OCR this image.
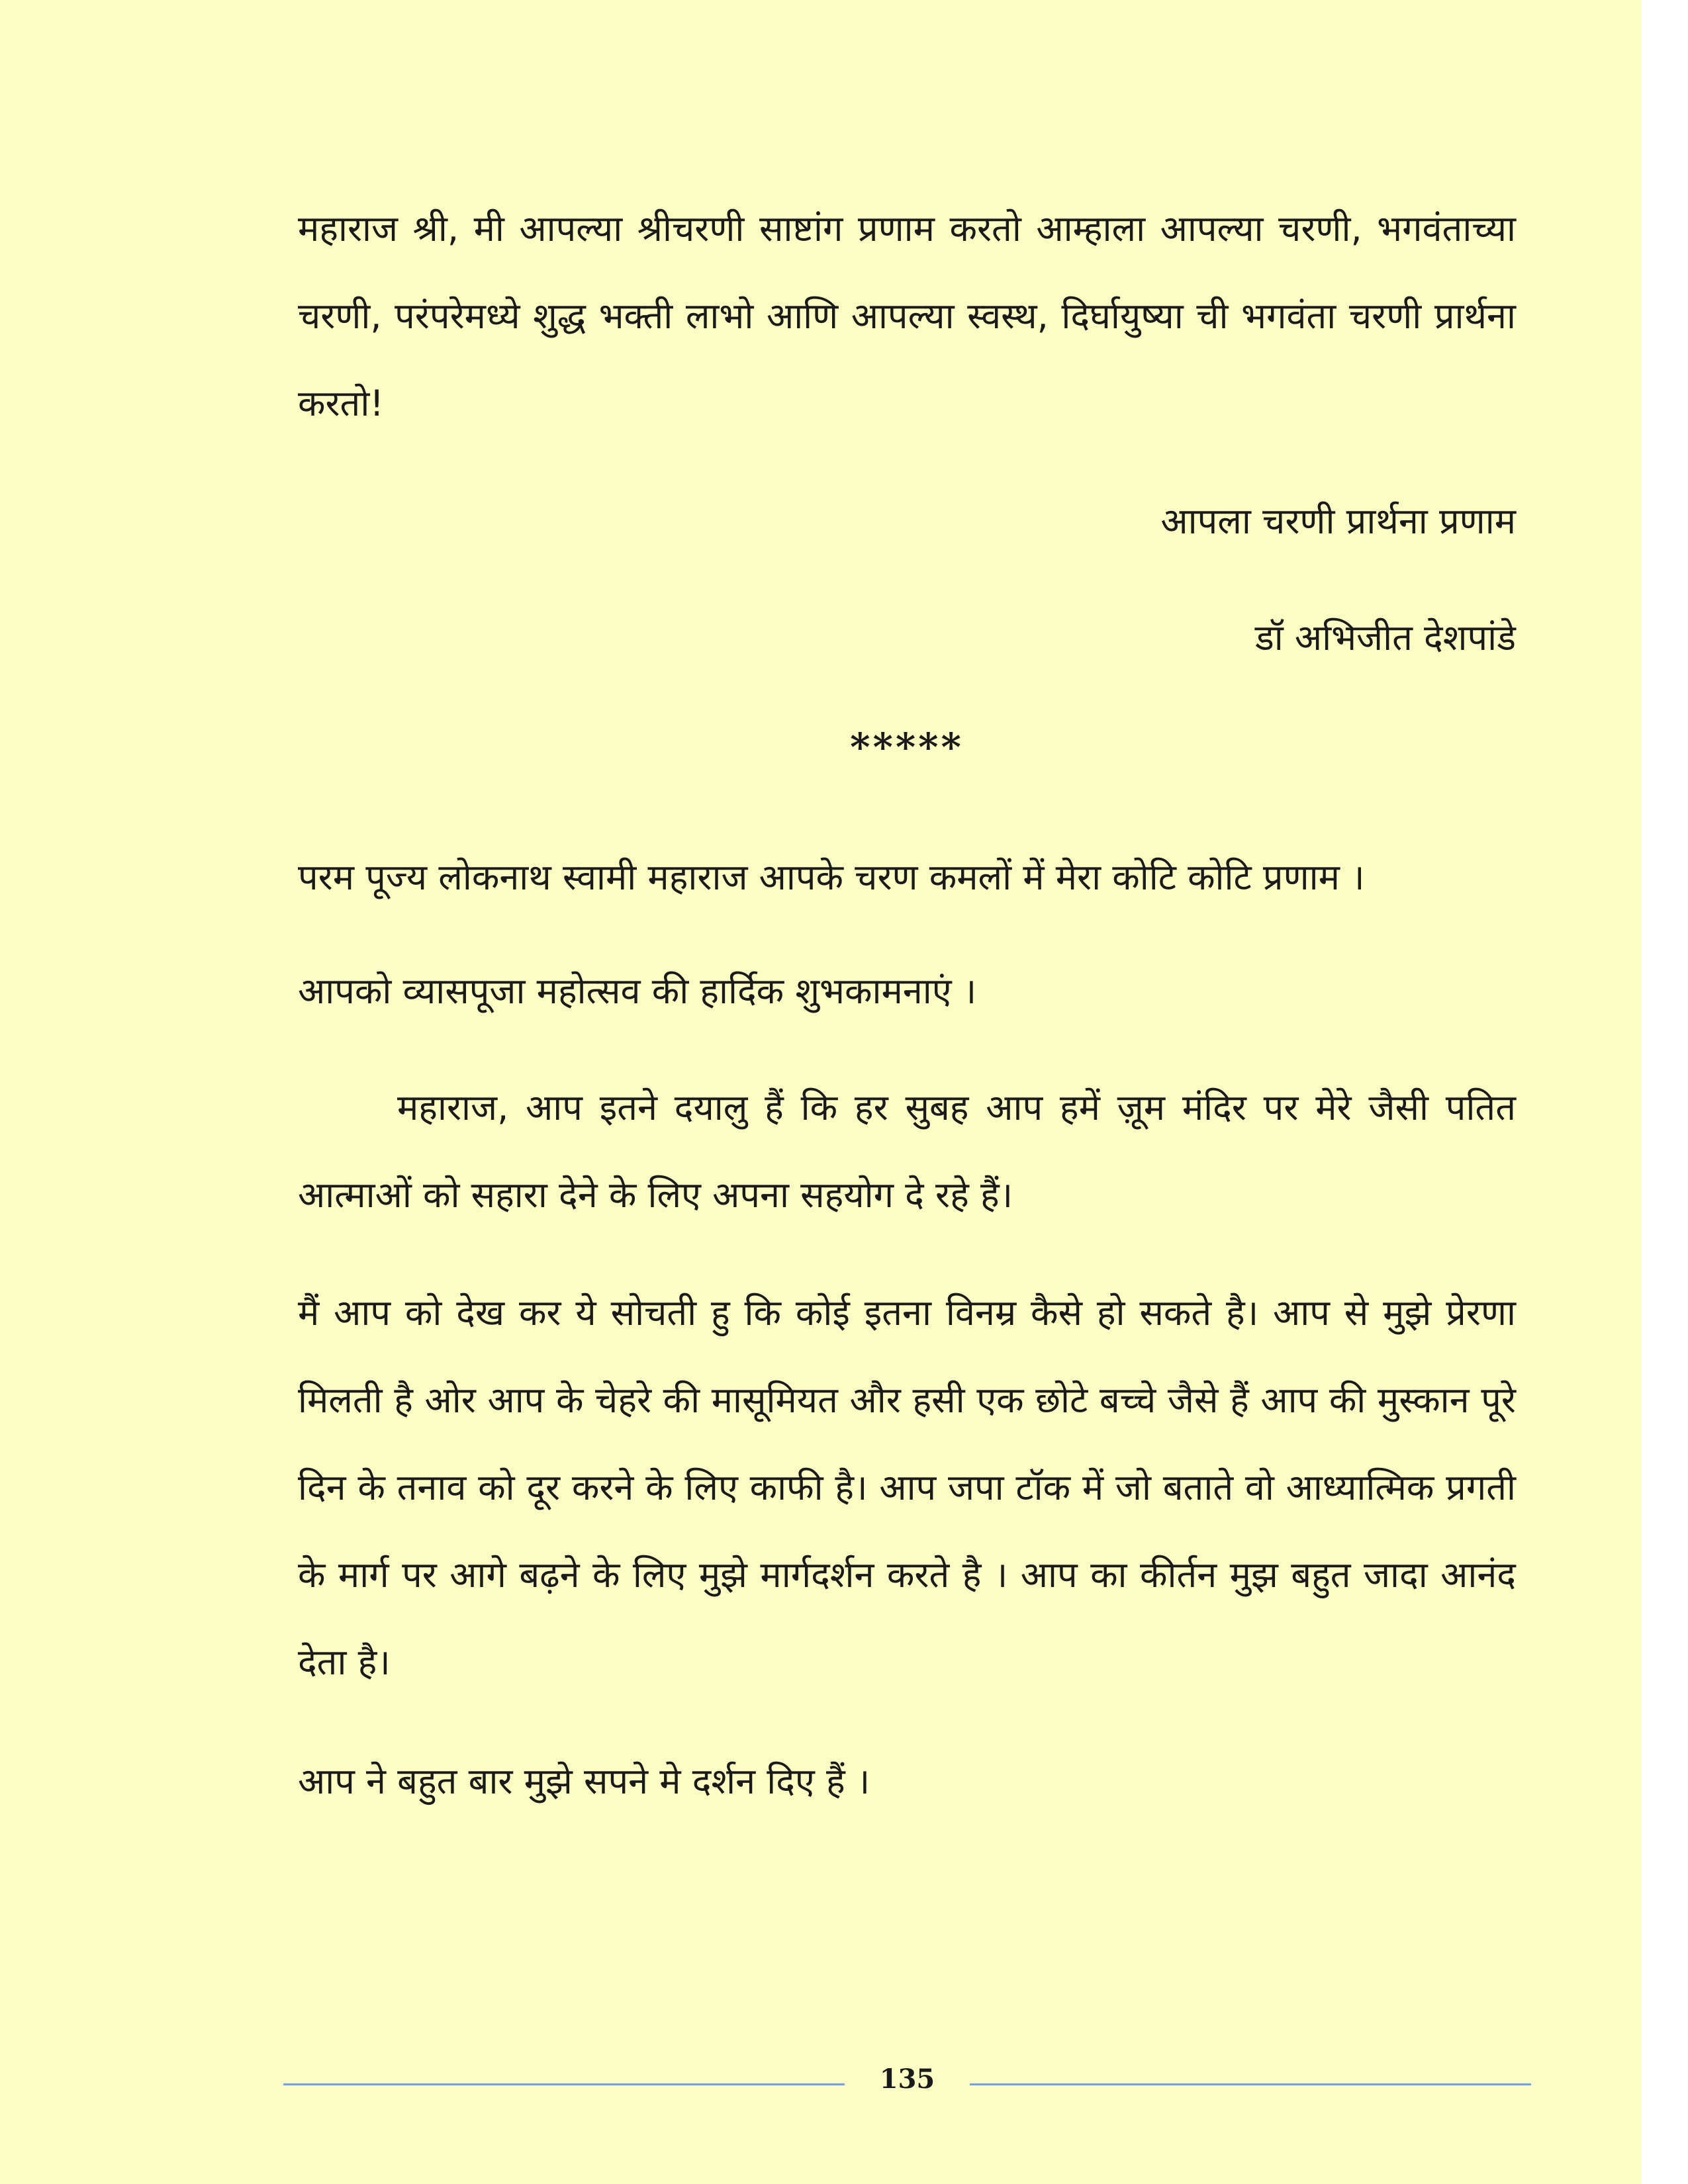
महाराज श्री, मी आपल्या श्रीचरणी साष्टांग प्रणाम करतो आम्हाला आपल्या चरणी, भगवंताच्या चरणी, परंपरेमध्ये शुद्ध भक्ती लाभो आणि आपल्या स्वस्थ, दिर्घायुष्या ची भगवंता चरणी प्रार्थना करतो!

आपला चरणी प्रार्थना प्रणाम

डॉ अभिजीत देशपांडे

*****

परम पूज्य लोकनाथ स्वामी महाराज आपके चरण कमलों में मेरा कोटि कोटि प्रणाम ।

आपको व्यासपूजा महोत्सव की हार्दिक शुभकामनाएं ।

महाराज, आप इतने दयालु हैं कि हर सुबह आप हमें ज़ूम मंदिर पर मेरे जैसी पतित आत्माओं को सहारा देने के लिए अपना सहयोग दे रहे हैं।

मैं आप को देख कर ये सोचती हु कि कोई इतना विनम्र कैसे हो सकते है। आप से मुझे प्रेरणा मिलती है ओर आप के चेहरे की मासूमियत और हसी एक छोटे बच्चे जैसे हैं आप की मुस्कान पूरे दिन के तनाव को दूर करने के लिए काफी है। आप जपा टॉक में जो बताते वो आध्यात्मिक प्रगती के मार्ग पर आगे बढ़ने के लिए मुझे मार्गदर्शन करते है । आप का कीर्तन मुझ बहुत जादा आनंद देता है।

आप ने बहुत बार मुझे सपने मे दर्शन दिए हैं ।

135
